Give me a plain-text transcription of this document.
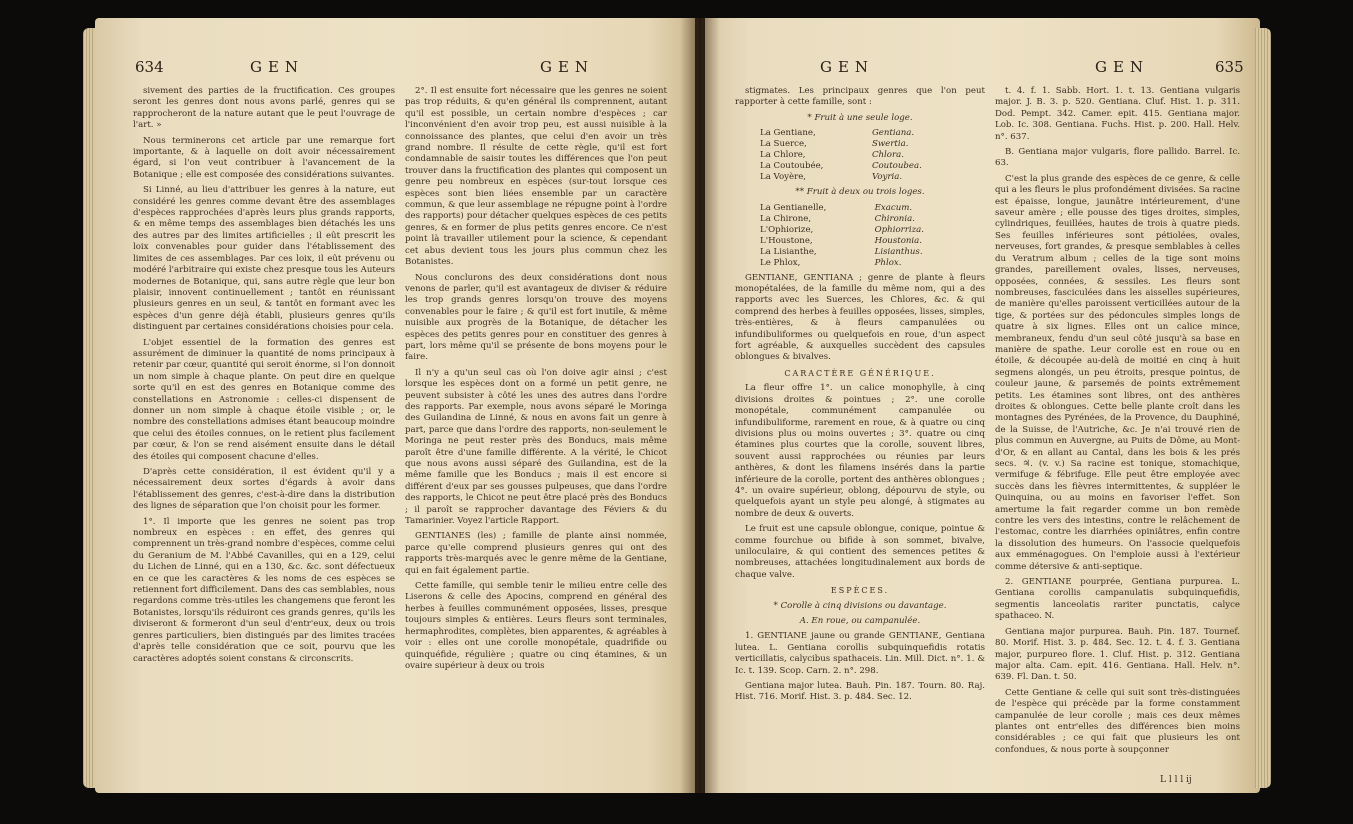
634	GEN	GEN

sivement des parties de la fructification. Ces groupes seront les genres dont nous avons parlé, genres qui se rapprocheront de la nature autant que le peut l'ouvrage de l'art. »

Nous terminerons cet article par une remarque fort importante, & à laquelle on doit avoir nécessairement égard, si l'on veut contribuer à l'avancement de la Botanique ; elle est composée des considérations suivantes.

Si Linné, au lieu d'attribuer les genres à la nature, eut considéré les genres comme devant être des assemblages d'espèces rapprochées d'après leurs plus grands rapports, & en même temps des assemblages bien détachés les uns des autres par des limites artificielles ; il eût prescrit les loix convenables pour guider dans l'établissement des limites de ces assemblages. Par ces loix, il eût prévenu ou modéré l'arbitraire qui existe chez presque tous les Auteurs modernes de Botanique, qui, sans autre règle que leur bon plaisir, innovent continuellement ; tantôt en réunissant plusieurs genres en un seul, & tantôt en formant avec les espèces d'un genre déjà établi, plusieurs genres qu'ils distinguent par certaines considérations choisies pour cela.

L'objet essentiel de la formation des genres est assurément de diminuer la quantité de noms principaux à retenir par cœur, quantité qui seroit énorme, si l'on donnoit un nom simple à chaque plante. On peut dire en quelque sorte qu'il en est des genres en Botanique comme des constellations en Astronomie : celles-ci dispensent de donner un nom simple à chaque étoile visible ; or, le nombre des constellations admises étant beaucoup moindre que celui des étoiles connues, on le retient plus facilement par cœur, & l'on se rend aisément ensuite dans le détail des étoiles qui composent chacune d'elles.

D'après cette considération, il est évident qu'il y a nécessairement deux sortes d'égards à avoir dans l'établissement des genres, c'est-à-dire dans la distribution des lignes de séparation que l'on choisit pour les former.

1°. Il importe que les genres ne soient pas trop nombreux en espèces : en effet, des genres qui comprennent un très-grand nombre d'espèces, comme celui du Geranium de M. l'Abbé Cavanilles, qui en a 129, celui du Lichen de Linné, qui en a 130, &c. &c. sont défectueux en ce que les caractères & les noms de ces espèces se retiennent fort difficilement. Dans des cas semblables, nous regardons comme très-utiles les changemens que feront les Botanistes, lorsqu'ils réduiront ces grands genres, qu'ils les diviseront & formeront d'un seul d'entr'eux, deux ou trois genres particuliers, bien distingués par des limites tracées d'après telle considération que ce soit, pourvu que les caractères adoptés soient constans & circonscrits.

2°. Il est ensuite fort nécessaire que les genres ne soient pas trop réduits, & qu'en général ils comprennent, autant qu'il est possible, un certain nombre d'espèces ; car l'inconvénient d'en avoir trop peu, est aussi nuisible à la connoissance des plantes, que celui d'en avoir un très grand nombre. Il résulte de cette règle, qu'il est fort condamnable de saisir toutes les différences que l'on peut trouver dans la fructification des plantes qui composent un genre peu nombreux en espèces (sur-tout lorsque ces espèces sont bien liées ensemble par un caractère commun, & que leur assemblage ne répugne point à l'ordre des rapports) pour détacher quelques espèces de ces petits genres, & en former de plus petits genres encore. Ce n'est point là travailler utilement pour la science, & cependant cet abus devient tous les jours plus commun chez les Botanistes.

Nous conclurons des deux considérations dont nous venons de parler, qu'il est avantageux de diviser & réduire les trop grands genres lorsqu'on trouve des moyens convenables pour le faire ; & qu'il est fort inutile, & même nuisible aux progrès de la Botanique, de détacher les espèces des petits genres pour en constituer des genres à part, lors même qu'il se présente de bons moyens pour le faire.

Il n'y a qu'un seul cas où l'on doive agir ainsi ; c'est lorsque les espèces dont on a formé un petit genre, ne peuvent subsister à côté les unes des autres dans l'ordre des rapports. Par exemple, nous avons séparé le Moringa des Guilandina de Linné, & nous en avons fait un genre à part, parce que dans l'ordre des rapports, non-seulement le Moringa ne peut rester près des Bonducs, mais même paroît être d'une famille différente. A la vérité, le Chicot que nous avons aussi séparé des Guilandina, est de la même famille que les Bonducs ; mais il est encore si différent d'eux par ses gousses pulpeuses, que dans l'ordre des rapports, le Chicot ne peut être placé près des Bonducs ; il paroît se rapprocher davantage des Féviers & du Tamarinier. Voyez l'article Rapport.

GENTIANES (les) ; famille de plante ainsi nommée, parce qu'elle comprend plusieurs genres qui ont des rapports très-marqués avec le genre même de la Gentiane, qui en fait également partie.

Cette famille, qui semble tenir le milieu entre celle des Liserons & celle des Apocins, comprend en général des herbes à feuilles communément opposées, lisses, presque toujours simples & entières. Leurs fleurs sont terminales, hermaphrodites, complètes, bien apparentes, & agréables à voir : elles ont une corolle monopétale, quadrifide ou quinquéfide, régulière ; quatre ou cinq étamines, & un ovaire supérieur à deux ou trois

GEN	GEN	635

stigmates. Les principaux genres que l'on peut rapporter à cette famille, sont :

* Fruit à une seule loge.

La Gentiane,	Gentiana.
La Suerce,	Swertia.
La Chlore,	Chlora.
La Coutoubée,	Coutoubea.
La Voyère,	Voyria.

** Fruit à deux ou trois loges.

La Gentianelle,	Exacum.
La Chirone,	Chironia.
L'Ophiorize,	Ophiorriza.
L'Houstone,	Houstonia.
La Lisianthe,	Lisianthus.
Le Phlox,	Phlox.

GENTIANE, GENTIANA ; genre de plante à fleurs monopétalées, de la famille du même nom, qui a des rapports avec les Suerces, les Chlores, &c. & qui comprend des herbes à feuilles opposées, lisses, simples, très-entières, & à fleurs campanulées ou infundibuliformes ou quelquefois en roue, d'un aspect fort agréable, & auxquelles succèdent des capsules oblongues & bivalves.

CARACTÈRE GÉNÉRIQUE.

La fleur offre 1°. un calice monophylle, à cinq divisions droites & pointues ; 2°. une corolle monopétale, communément campanulée ou infundibuliforme, rarement en roue, & à quatre ou cinq divisions plus ou moins ouvertes ; 3°. quatre ou cinq étamines plus courtes que la corolle, souvent libres, souvent aussi rapprochées ou réunies par leurs anthères, & dont les filamens insérés dans la partie inférieure de la corolle, portent des anthères oblongues ; 4°. un ovaire supérieur, oblong, dépourvu de style, ou quelquefois ayant un style peu alongé, à stigmates au nombre de deux & ouverts.

Le fruit est une capsule oblongue, conique, pointue & comme fourchue ou bifide à son sommet, bivalve, uniloculaire, & qui contient des semences petites & nombreuses, attachées longitudinalement aux bords de chaque valve.

ESPÈCES.

* Corolle à cinq divisions ou davantage.

A. En roue, ou campanulée.

1. GENTIANE jaune ou grande GENTIANE, Gentiana lutea. L. Gentiana corollis subquinquefidis rotatis verticillatis, calycibus spathaceis. Lin. Mill. Dict. n°. 1. & Ic. t. 139. Scop. Carn. 2. n°. 298.

Gentiana major lutea. Bauh. Pin. 187. Tourn. 80. Raj. Hist. 716. Morif. Hist. 3. p. 484. Sec. 12.

t. 4. f. 1. Sabb. Hort. 1. t. 13. Gentiana vulgaris major. J. B. 3. p. 520. Gentiana. Cluf. Hist. 1. p. 311. Dod. Pempt. 342. Camer. epit. 415. Gentiana major. Lob. Ic. 308. Gentiana. Fuchs. Hist. p. 200. Hall. Helv. n°. 637.

B. Gentiana major vulgaris, flore pallido. Barrel. Ic. 63.

C'est la plus grande des espèces de ce genre, & celle qui a les fleurs le plus profondément divisées. Sa racine est épaisse, longue, jaunâtre intérieurement, d'une saveur amère ; elle pousse des tiges droites, simples, cylindriques, feuillées, hautes de trois à quatre pieds. Ses feuilles inférieures sont pétiolées, ovales, nerveuses, fort grandes, & presque semblables à celles du Veratrum album ; celles de la tige sont moins grandes, pareillement ovales, lisses, nerveuses, opposées, connées, & sessiles. Les fleurs sont nombreuses, fasciculées dans les aisselles supérieures, de manière qu'elles paroissent verticillées autour de la tige, & portées sur des pédoncules simples longs de quatre à six lignes. Elles ont un calice mince, membraneux, fendu d'un seul côté jusqu'à sa base en manière de spathe. Leur corolle est en roue ou en étoile, & découpée au-delà de moitié en cinq à huit segmens alongés, un peu étroits, presque pointus, de couleur jaune, & parsemés de points extrêmement petits. Les étamines sont libres, ont des anthères droites & oblongues. Cette belle plante croît dans les montagnes des Pyrénées, de la Provence, du Dauphiné, de la Suisse, de l'Autriche, &c. Je n'ai trouvé rien de plus commun en Auvergne, au Puits de Dôme, au Mont-d'Or, & en allant au Cantal, dans les bois & les prés secs. ♃. (v. v.) Sa racine est tonique, stomachique, vermifuge & fébrifuge. Elle peut être employée avec succès dans les fièvres intermittentes, & suppléer le Quinquina, ou au moins en favoriser l'effet. Son amertume la fait regarder comme un bon remède contre les vers des intestins, contre le relâchement de l'estomac, contre les diarrhées opiniâtres, enfin contre la dissolution des humeurs. On l'associe quelquefois aux emménagogues. On l'emploie aussi à l'extérieur comme détersive & anti-septique.

2. GENTIANE pourprée, Gentiana purpurea. L. Gentiana corollis campanulatis subquinquefidis, segmentis lanceolatis rariter punctatis, calyce spathaceo. N.

Gentiana major purpurea. Bauh. Pin. 187. Tournef. 80. Morif. Hist. 3. p. 484. Sec. 12. t. 4. f. 3. Gentiana major, purpureo flore. 1. Cluf. Hist. p. 312. Gentiana major alta. Cam. epit. 416. Gentiana. Hall. Helv. n°. 639. Fl. Dan. t. 50.

Cette Gentiane & celle qui suit sont très-distinguées de l'espèce qui précède par la forme constamment campanulée de leur corolle ; mais ces deux mêmes plantes ont entr'elles des différences bien moins considérables ; ce qui fait que plusieurs les ont confondues, & nous porte à soupçonner

L l l l ij
